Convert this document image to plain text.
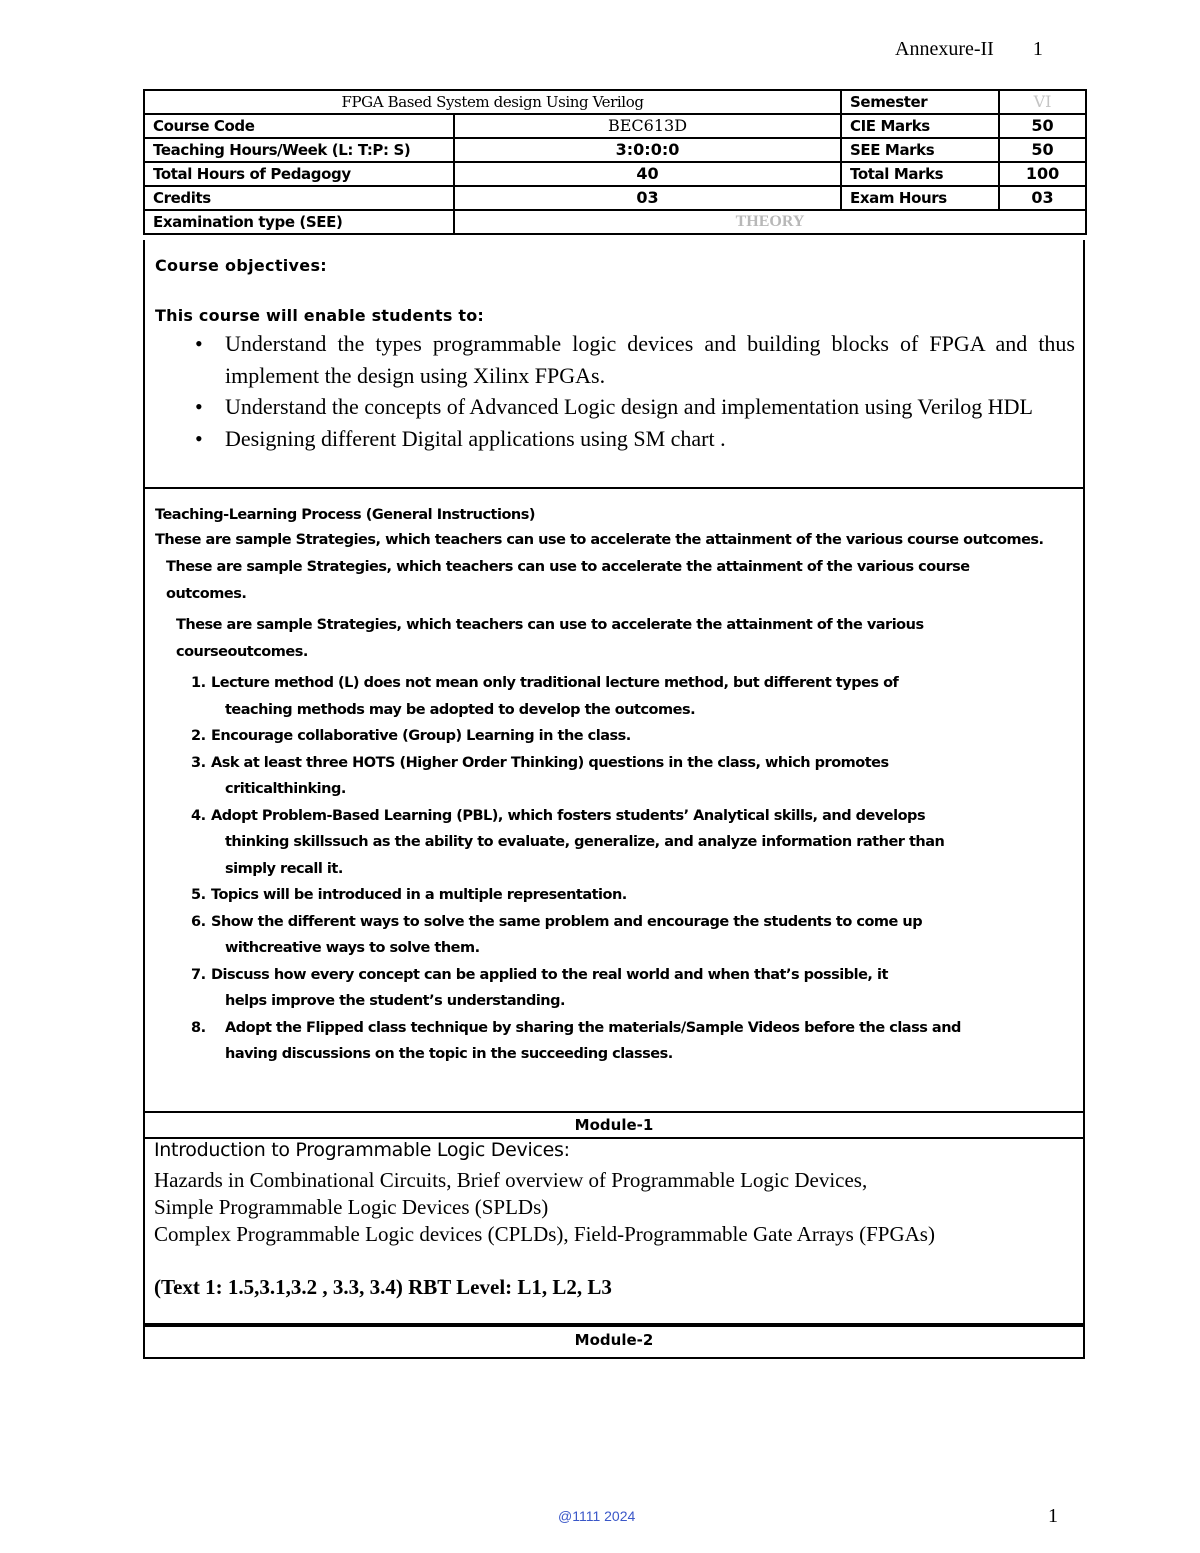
Annexure-II 1
FPGA Based System design Using Verilog		Semester	VI
Course Code	BEC613D	CIE Marks	50
Teaching Hours/Week (L: T:P: S)	3:0:0:0	SEE Marks	50
Total Hours of Pedagogy	40	Total Marks	100
Credits	03	Exam Hours	03
Examination type (SEE)	THEORY		
Course objectives:
This course will enable students to:
• Understand the types programmable logic devices and building blocks of FPGA and thus implement the design using Xilinx FPGAs.
• Understand the concepts of Advanced Logic design and implementation using Verilog HDL
• Designing different Digital applications using SM chart .
Teaching-Learning Process (General Instructions)
These are sample Strategies, which teachers can use to accelerate the attainment of the various course outcomes.
These are sample Strategies, which teachers can use to accelerate the attainment of the various course
outcomes.
These are sample Strategies, which teachers can use to accelerate the attainment of the various
courseoutcomes.
1. Lecture method (L) does not mean only traditional lecture method, but different types of
teaching methods may be adopted to develop the outcomes.
2. Encourage collaborative (Group) Learning in the class.
3. Ask at least three HOTS (Higher Order Thinking) questions in the class, which promotes
criticalthinking.
4. Adopt Problem-Based Learning (PBL), which fosters students’ Analytical skills, and develops
thinking skillssuch as the ability to evaluate, generalize, and analyze information rather than
simply recall it.
5. Topics will be introduced in a multiple representation.
6. Show the different ways to solve the same problem and encourage the students to come up
withcreative ways to solve them.
7. Discuss how every concept can be applied to the real world and when that’s possible, it
helps improve the student’s understanding.
8. Adopt the Flipped class technique by sharing the materials/Sample Videos before the class and
having discussions on the topic in the succeeding classes.
Module-1
Introduction to Programmable Logic Devices:
Hazards in Combinational Circuits, Brief overview of Programmable Logic Devices,
Simple Programmable Logic Devices (SPLDs)
Complex Programmable Logic devices (CPLDs), Field-Programmable Gate Arrays (FPGAs)
(Text 1: 1.5,3.1,3.2 , 3.3, 3.4) RBT Level: L1, L2, L3
Module-2
@1111 2024	1
